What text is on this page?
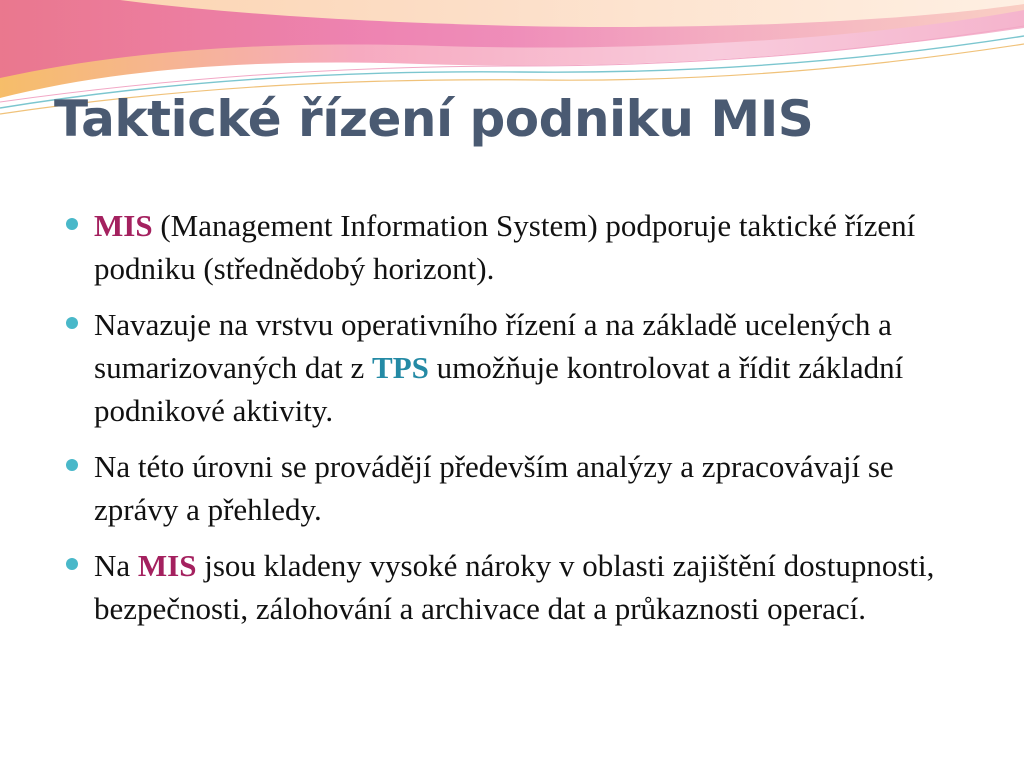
Taktické řízení podniku MIS
MIS (Management Information System) podporuje taktické řízení podniku (střednědobý horizont).
Navazuje na vrstvu operativního řízení a na základě ucelených a sumarizovaných dat z TPS umožňuje kontrolovat a řídit základní podnikové aktivity.
Na této úrovni se provádějí především analýzy a zpracovávají se zprávy a přehledy.
Na MIS jsou kladeny vysoké nároky v oblasti zajištění dostupnosti, bezpečnosti, zálohování a archivace dat a průkaznosti operací.
